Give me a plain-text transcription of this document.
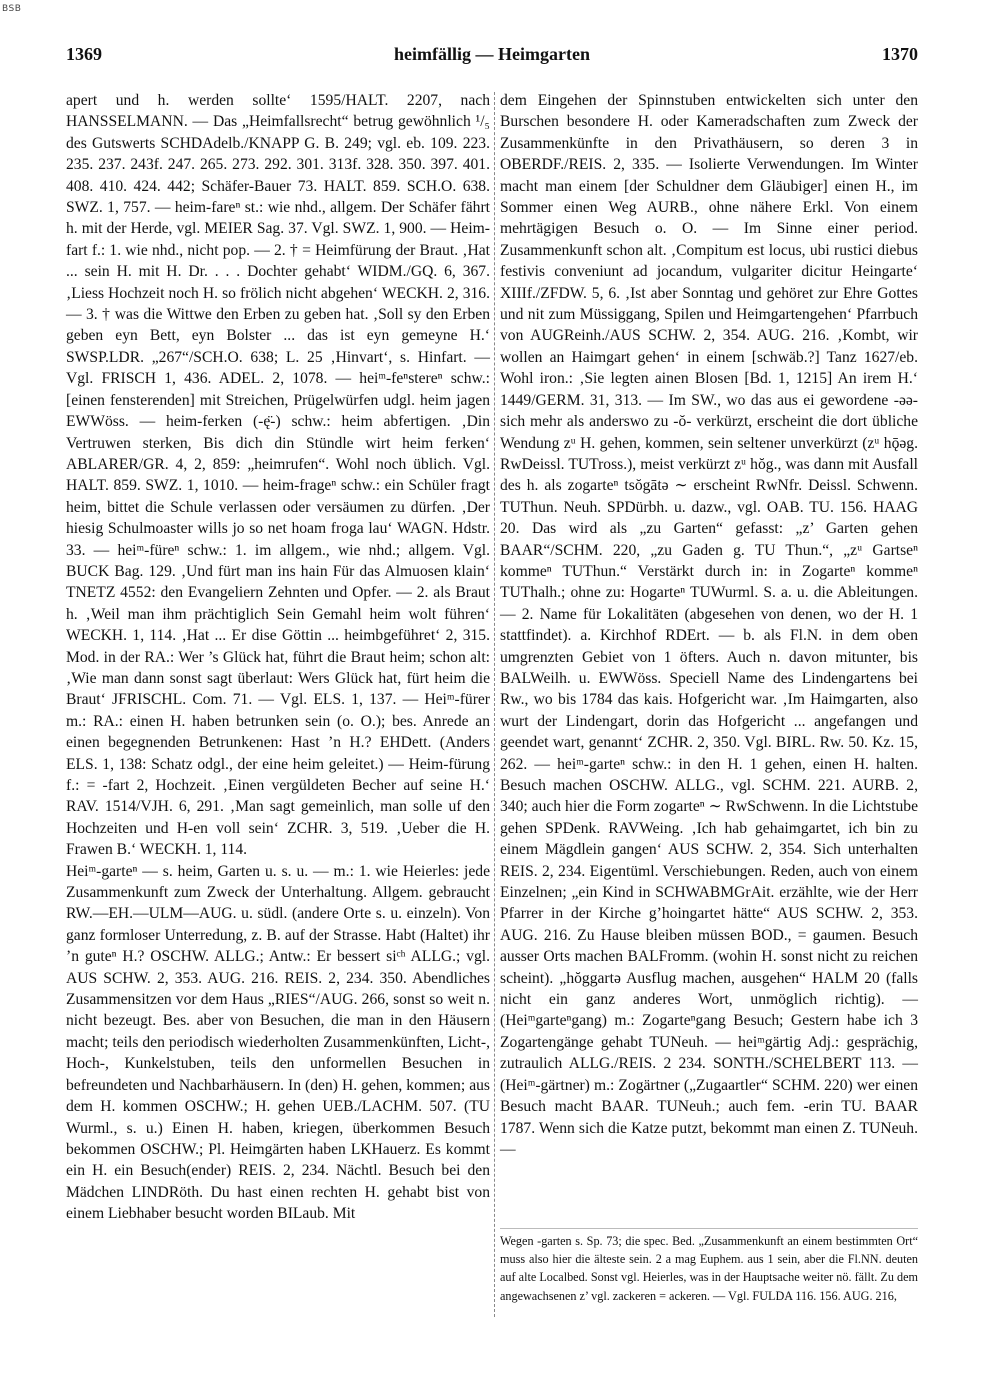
BSB
1369	heimfällig — Heimgarten	1370

apert und h. werden sollte‘ 1595/HALT. 2207, nach HANSSELMANN. — Das „Heimfallsrecht“ betrug gewöhnlich ¹/₅ des Gutswerts SCHDAdelb./KNAPP G. B. 249; vgl. eb. 109. 223. 235. 237. 243f. 247. 265. 273. 292. 301. 313f. 328. 350. 397. 401. 408. 410. 424. 442; Schäfer-Bauer 73. HALT. 859. SCH.O. 638. SWZ. 1, 757. — heim-fareⁿ st.: wie nhd., allgem. Der Schäfer fährt h. mit der Herde, vgl. MEIER Sag. 37. Vgl. SWZ. 1, 900. — Heim-fart f.: 1. wie nhd., nicht pop. — 2. † = Heimfürung der Braut. ‚Hat ... sein H. mit H. Dr. . . . Dochter gehabt‘ WIDM./GQ. 6, 367. ‚Liess Hochzeit noch H. so frölich nicht abgehen‘ WECKH. 2, 316. — 3. † was die Wittwe den Erben zu geben hat. ‚Soll sy den Erben geben eyn Bett, eyn Bolster ... das ist eyn gemeyne H.‘ SWSP.LDR. „267“/SCH.O. 638; L. 25 ‚Hinvart‘, s. Hinfart. — Vgl. FRISCH 1, 436. ADEL. 2, 1078. — heiᵐ-feⁿstereⁿ schw.: [einen fensterenden] mit Streichen, Prügelwürfen udgl. heim jagen EWWöss. — heim-ferken (-ę̈-) schw.: heim abfertigen. ‚Din Vertruwen sterken, Bis dich din Stündle wirt heim ferken‘ ABLARER/GR. 4, 2, 859: „heimrufen“. Wohl noch üblich. Vgl. HALT. 859. SWZ. 1, 1010. — heim-frageⁿ schw.: ein Schüler fragt heim, bittet die Schule verlassen oder versäumen zu dürfen. ‚Der hiesig Schulmoaster wills jo so net hoam froga lau‘ WAGN. Hdstr. 33. — heiᵐ-füreⁿ schw.: 1. im allgem., wie nhd.; allgem. Vgl. BUCK Bag. 129. ‚Und fürt man ins hain Für das Almuosen klain‘ TNETZ 4552: den Evangeliern Zehnten und Opfer. — 2. als Braut h. ‚Weil man ihm prächtiglich Sein Gemahl heim wolt führen‘ WECKH. 1, 114. ‚Hat ... Er dise Göttin ... heimbgeführet‘ 2, 315. Mod. in der RA.: Wer ’s Glück hat, führt die Braut heim; schon alt: ‚Wie man dann sonst sagt überlaut: Wers Glück hat, fürt heim die Braut‘ JFRISCHL. Com. 71. — Vgl. ELS. 1, 137. — Heiᵐ-fürer m.: RA.: einen H. haben betrunken sein (o. O.); bes. Anrede an einen begegnenden Betrunkenen: Hast ’n H.? EHDett. (Anders ELS. 1, 138: Schatz odgl., der eine heim geleitet.) — Heim-fürung f.: = -fart 2, Hochzeit. ‚Einen vergüldeten Becher auf seine H.‘ RAV. 1514/VJH. 6, 291. ‚Man sagt gemeinlich, man solle uf den Hochzeiten und H-en voll sein‘ ZCHR. 3, 519. ‚Ueber die H. Frawen B.‘ WECKH. 1, 114.

Heiᵐ-garteⁿ — s. heim, Garten u. s. u. — m.: 1. wie Heierles: jede Zusammenkunft zum Zweck der Unterhaltung. Allgem. gebraucht RW.—EH.—ULM—AUG. u. südl. (andere Orte s. u. einzeln). Von ganz formloser Unterredung, z. B. auf der Strasse. Habt (Haltet) ihr ’n guteⁿ H.? OSCHW. ALLG.; Antw.: Er bessert siᶜʰ ALLG.; vgl. AUS SCHW. 2, 353. AUG. 216. REIS. 2, 234. 350. Abendliches Zusammensitzen vor dem Haus „RIES“/AUG. 266, sonst so weit n. nicht bezeugt. Bes. aber von Besuchen, die man in den Häusern macht; teils den periodisch wiederholten Zusammenkünften, Licht-, Hoch-, Kunkelstuben, teils den unformellen Besuchen in befreundeten und Nachbarhäusern. In (den) H. gehen, kommen; aus dem H. kommen OSCHW.; H. gehen UEB./LACHM. 507. (TU Wurml., s. u.) Einen H. haben, kriegen, überkommen Besuch bekommen OSCHW.; Pl. Heimgärten haben LKHauerz. Es kommt ein H. ein Besuch(ender) REIS. 2, 234. Nächtl. Besuch bei den Mädchen LINDRöth. Du hast einen rechten H. gehabt bist von einem Liebhaber besucht worden BILaub. Mit

dem Eingehen der Spinnstuben entwickelten sich unter den Burschen besondere H. oder Kameradschaften zum Zweck der Zusammenkünfte in den Privathäusern, so deren 3 in OBERDF./REIS. 2, 335. — Isolierte Verwendungen. Im Winter macht man einem [der Schuldner dem Gläubiger] einen H., im Sommer einen Weg AURB., ohne nähere Erkl. Von einem mehrtägigen Besuch o. O. — Im Sinne einer period. Zusammenkunft schon alt. ‚Compitum est locus, ubi rustici diebus festivis conveniunt ad jocandum, vulgariter dicitur Heingarte‘ XIIIf./ZFDW. 5, 6. ‚Ist aber Sonntag und gehöret zur Ehre Gottes und nit zum Müssiggang, Spilen und Heimgartengehen‘ Pfarrbuch von AUGReinh./AUS SCHW. 2, 354. AUG. 216. ‚Kombt, wir wollen an Haimgart gehen‘ in einem [schwäb.?] Tanz 1627/eb. Wohl iron.: ‚Sie legten ainen Blosen [Bd. 1, 1215] An irem H.‘ 1449/GERM. 31, 313. — Im SW., wo das aus ei gewordene -ǝǝ- sich mehr als anderswo zu -ŏ- verkürzt, erscheint die dort übliche Wendung zᵘ H. gehen, kommen, sein seltener unverkürzt (zᵘ hǭǝg. RwDeissl. TUTross.), meist verkürzt zᵘ hŏg., was dann mit Ausfall des h. als zogarteⁿ tsŏgātǝ ∼ erscheint RwNfr. Deissl. Schwenn. TUThun. Neuh. SPDürbh. u. dazw., vgl. OAB. TU. 156. HAAG 20. Das wird als „zu Garten“ gefasst: „z’ Garten gehen BAAR“/SCHM. 220, „zu Gaden g. TU Thun.“, „zᵘ Gartseⁿ kommeⁿ TUThun.“ Verstärkt durch in: in Zogarteⁿ kommeⁿ TUThalh.; ohne zu: Hogarteⁿ TUWurml. S. a. u. die Ableitungen. — 2. Name für Lokalitäten (abgesehen von denen, wo der H. 1 stattfindet). a. Kirchhof RDErt. — b. als Fl.N. in dem oben umgrenzten Gebiet von 1 öfters. Auch n. davon mitunter, bis BALWeilh. u. EWWöss. Speciell Name des Lindengartens bei Rw., wo bis 1784 das kais. Hofgericht war. ‚Im Haimgarten, also wurt der Lindengart, dorin das Hofgericht ... angefangen und geendet wart, genannt‘ ZCHR. 2, 350. Vgl. BIRL. Rw. 50. Kz. 15, 262. — heiᵐ-garteⁿ schw.: in den H. 1 gehen, einen H. halten. Besuch machen OSCHW. ALLG., vgl. SCHM. 221. AURB. 2, 340; auch hier die Form zogarteⁿ ∼ RwSchwenn. In die Lichtstube gehen SPDenk. RAVWeing. ‚Ich hab gehaimgartet, ich bin zu einem Mägdlein gangen‘ AUS SCHW. 2, 354. Sich unterhalten REIS. 2, 234. Eigentüml. Verschiebungen. Reden, auch von einem Einzelnen; „ein Kind in SCHWABMGrAit. erzählte, wie der Herr Pfarrer in der Kirche g’hoingartet hätte“ AUS SCHW. 2, 353. AUG. 216. Zu Hause bleiben müssen BOD., = gaumen. Besuch ausser Orts machen BALFromm. (wohin H. sonst nicht zu reichen scheint). „hŏggartǝ Ausflug machen, ausgehen“ HALM 20 (falls nicht ein ganz anderes Wort, unmöglich richtig). — (Heiᵐgarteⁿgang) m.: Zogarteⁿgang Besuch; Gestern habe ich 3 Zogartengänge gehabt TUNeuh. — heiᵐgärtig Adj.: gesprächig, zutraulich ALLG./REIS. 2 234. SONTH./SCHELBERT 113. — (Heiᵐ-gärtner) m.: Zogärtner („Zugaartler“ SCHM. 220) wer einen Besuch macht BAAR. TUNeuh.; auch fem. -erin TU. BAAR 1787. Wenn sich die Katze putzt, bekommt man einen Z. TUNeuh. —

Wegen -garten s. Sp. 73; die spec. Bed. „Zusammenkunft an einem bestimmten Ort“ muss also hier die älteste sein. 2 a mag Euphem. aus 1 sein, aber die Fl.NN. deuten auf alte Localbed. Sonst vgl. Heierles, was in der Hauptsache weiter nö. fällt. Zu dem angewachsenen z’ vgl. zackeren = ackeren. — Vgl. FULDA 116. 156. AUG. 216,
